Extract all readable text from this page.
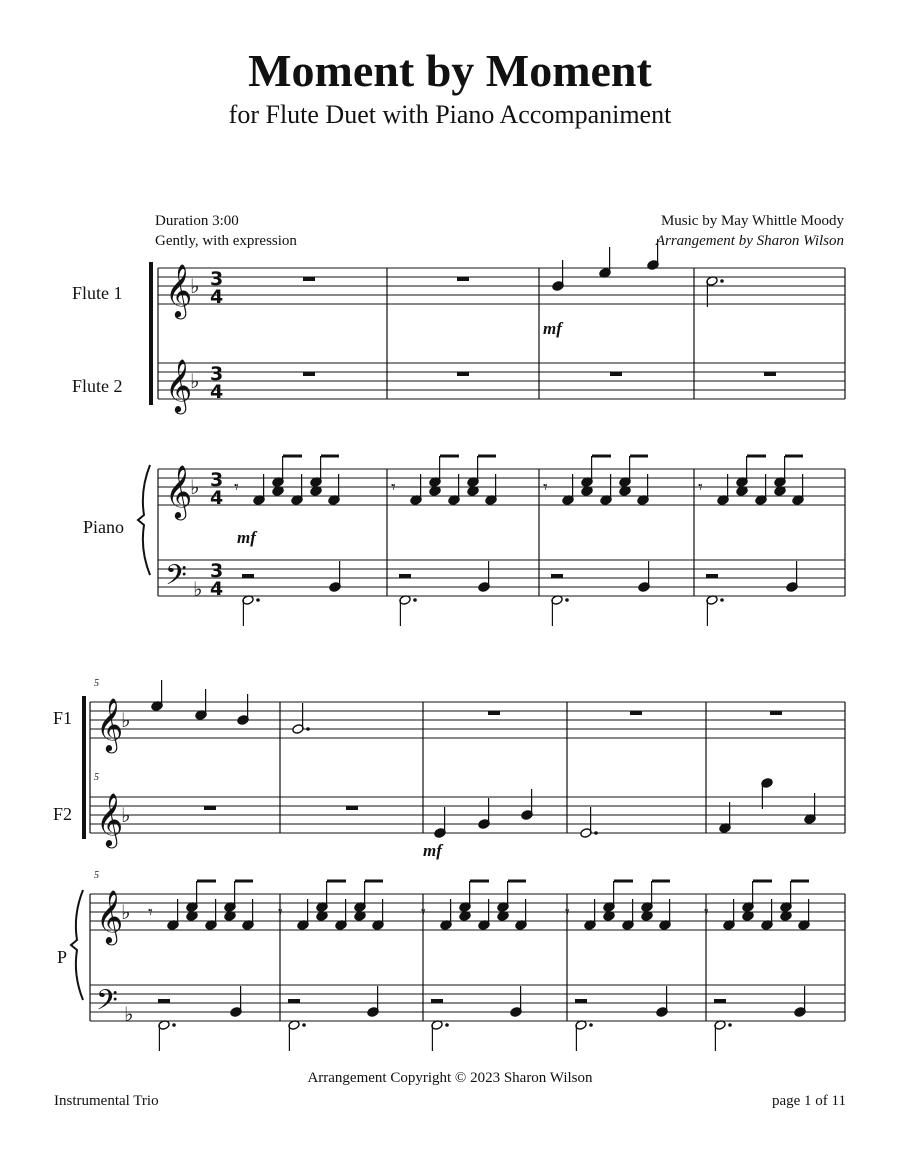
Moment by Moment
for Flute Duet with Piano Accompaniment
Duration 3:00
Gently, with expression
Music by May Whittle Moody
Arrangement by Sharon Wilson
Flute 1
Flute 2
Piano
F1
F2
P
𝄞
♭ 3
4
𝄞
♭ 3
4
𝄞
♭ 3
4
𝄢 ♭
3
4
𝄾	𝄾	𝄾	𝄾
𝄞
♭
𝄞
♭
𝄞
♭
𝄢 ♭
𝄾	𝄾	𝄾	𝄾	𝄾
mf
mf
mf
5
5
5
Arrangement Copyright © 2023 Sharon Wilson
Instrumental Trio	page 1 of 11
